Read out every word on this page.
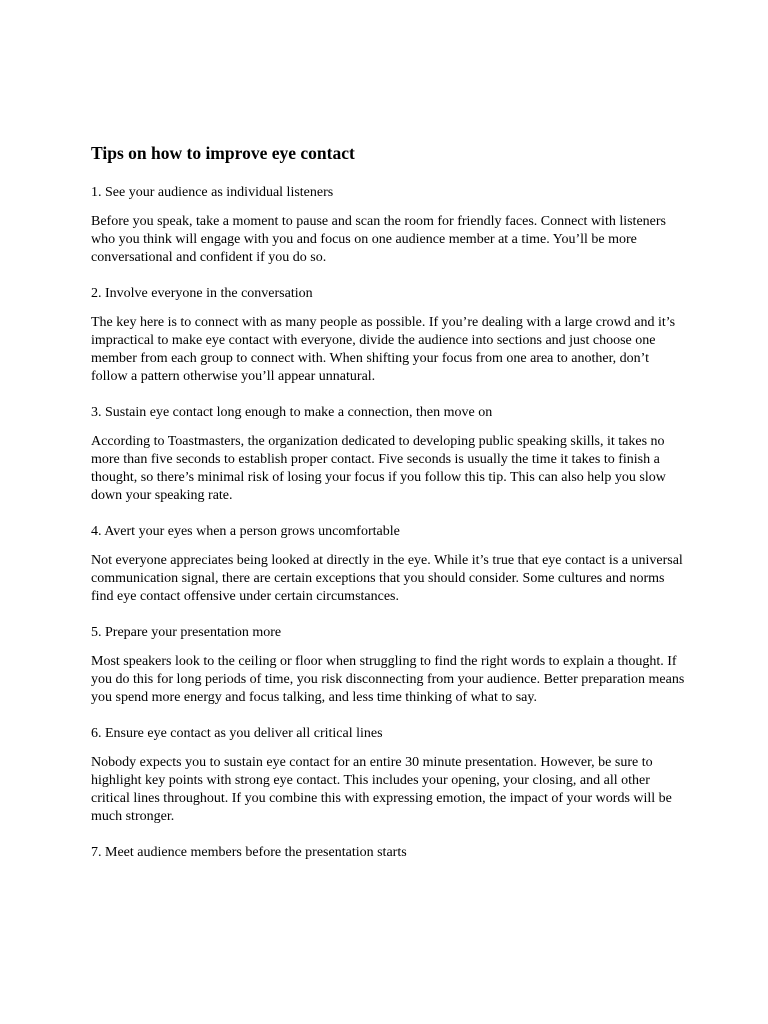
Tips on how to improve eye contact

1. See your audience as individual listeners

Before you speak, take a moment to pause and scan the room for friendly faces. Connect with listeners who you think will engage with you and focus on one audience member at a time. You’ll be more conversational and confident if you do so.

2. Involve everyone in the conversation

The key here is to connect with as many people as possible. If you’re dealing with a large crowd and it’s impractical to make eye contact with everyone, divide the audience into sections and just choose one member from each group to connect with. When shifting your focus from one area to another, don’t follow a pattern otherwise you’ll appear unnatural.

3. Sustain eye contact long enough to make a connection, then move on

According to Toastmasters, the organization dedicated to developing public speaking skills, it takes no more than five seconds to establish proper contact. Five seconds is usually the time it takes to finish a thought, so there’s minimal risk of losing your focus if you follow this tip. This can also help you slow down your speaking rate.

4. Avert your eyes when a person grows uncomfortable

Not everyone appreciates being looked at directly in the eye. While it’s true that eye contact is a universal communication signal, there are certain exceptions that you should consider. Some cultures and norms find eye contact offensive under certain circumstances.

5. Prepare your presentation more

Most speakers look to the ceiling or floor when struggling to find the right words to explain a thought. If you do this for long periods of time, you risk disconnecting from your audience. Better preparation means you spend more energy and focus talking, and less time thinking of what to say.

6. Ensure eye contact as you deliver all critical lines

Nobody expects you to sustain eye contact for an entire 30 minute presentation. However, be sure to highlight key points with strong eye contact. This includes your opening, your closing, and all other critical lines throughout. If you combine this with expressing emotion, the impact of your words will be much stronger.

7. Meet audience members before the presentation starts
